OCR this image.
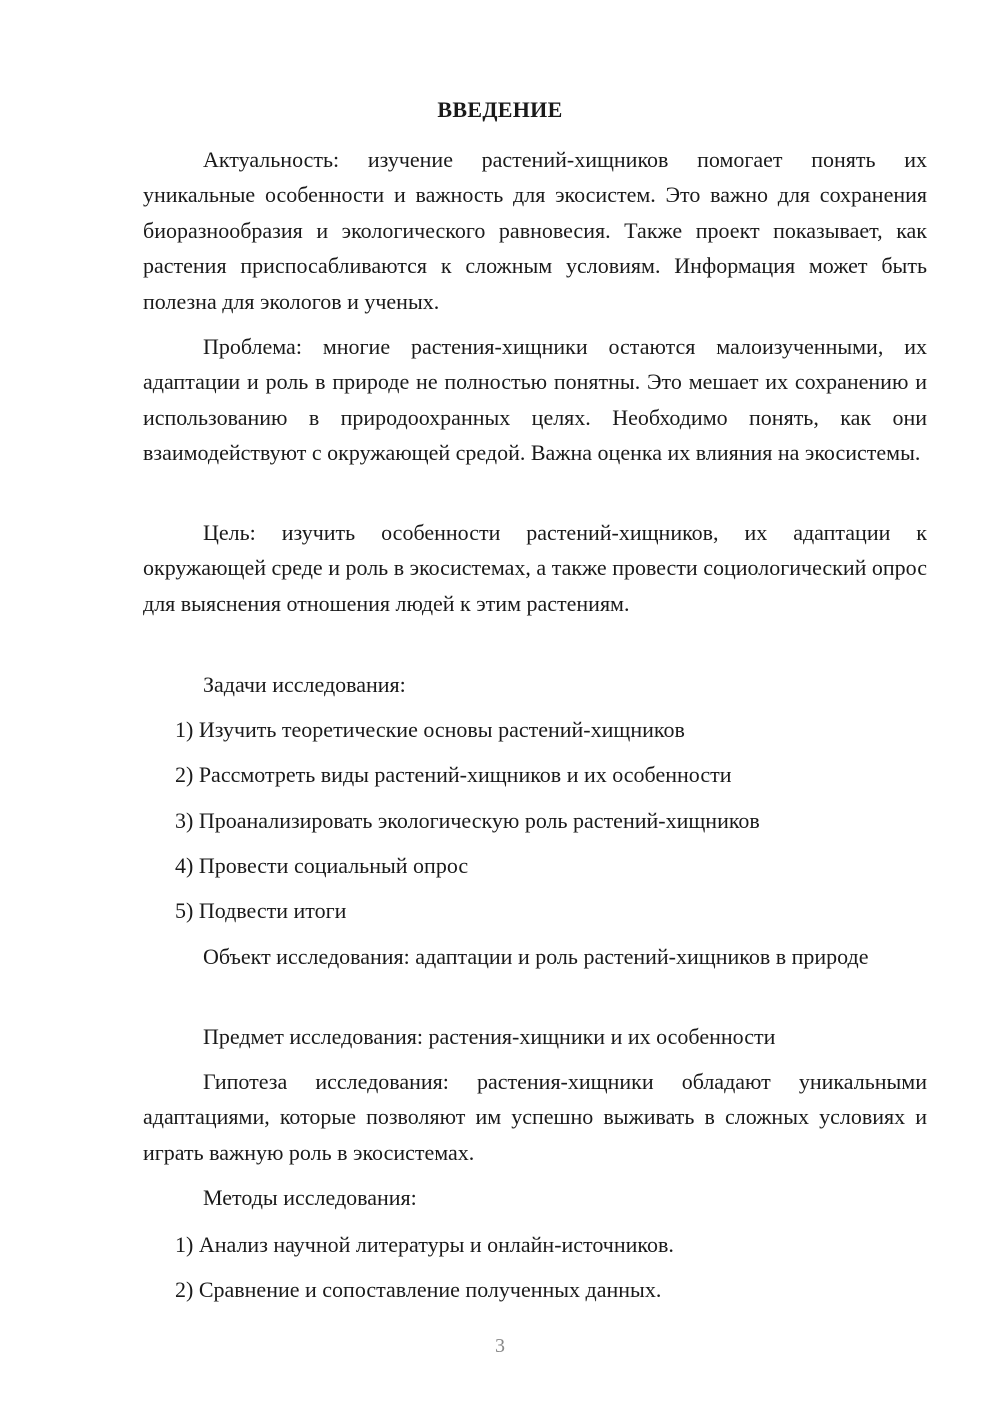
ВВЕДЕНИЕ

Актуальность: изучение растений-хищников помогает понять их уникальные особенности и важность для экосистем. Это важно для сохранения биоразнообразия и экологического равновесия. Также проект показывает, как растения приспосабливаются к сложным условиям. Информация может быть полезна для экологов и ученых.

Проблема: многие растения-хищники остаются малоизученными, их адаптации и роль в природе не полностью понятны. Это мешает их сохранению и использованию в природоохранных целях. Необходимо понять, как они взаимодействуют с окружающей средой. Важна оценка их влияния на экосистемы.

Цель: изучить особенности растений-хищников, их адаптации к окружающей среде и роль в экосистемах, а также провести социологический опрос для выяснения отношения людей к этим растениям.

Задачи исследования:

1) Изучить теоретические основы растений-хищников

2) Рассмотреть виды растений-хищников и их особенности

3) Проанализировать экологическую роль растений-хищников

4) Провести социальный опрос

5) Подвести итоги

Объект исследования: адаптации и роль растений-хищников в природе

Предмет исследования: растения-хищники и их особенности

Гипотеза исследования: растения-хищники обладают уникальными адаптациями, которые позволяют им успешно выживать в сложных условиях и играть важную роль в экосистемах.

Методы исследования:

1) Анализ научной литературы и онлайн-источников.

2) Сравнение и сопоставление полученных данных.

3
